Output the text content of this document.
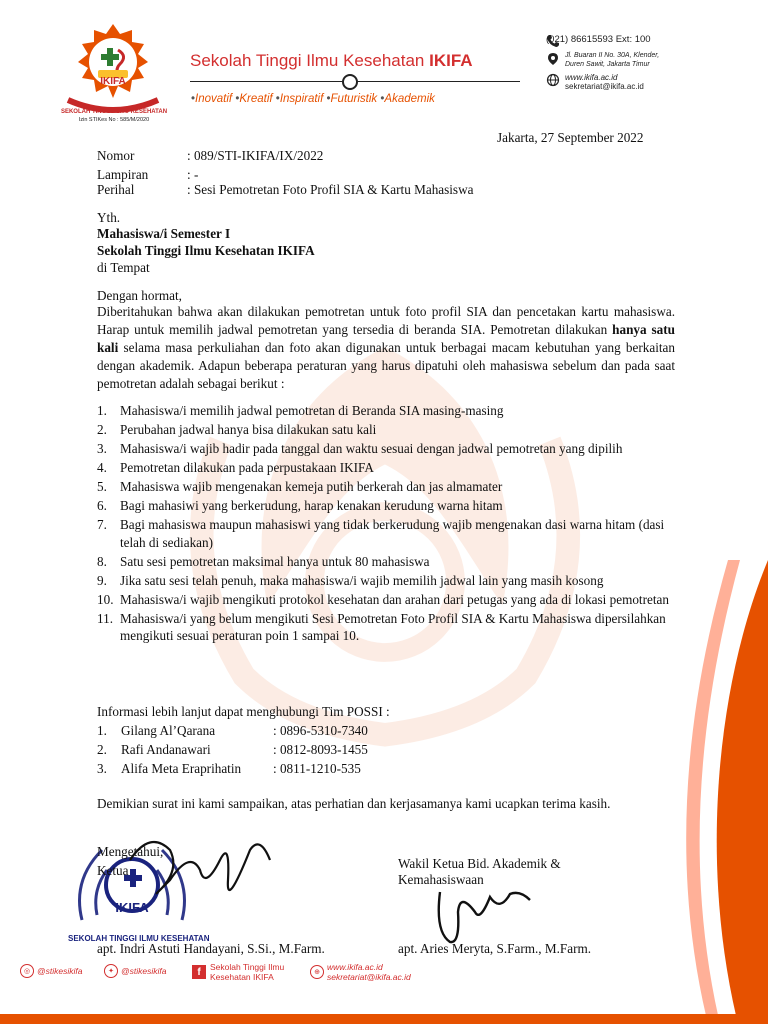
IKIFA
SEKOLAH TINGGI ILMU KESEHATAN
Izin STIKes No : 585/M/2020
Sekolah Tinggi Ilmu Kesehatan IKIFA
•Inovatif •Kreatif •Inspiratif •Futuristik •Akademik
(021) 86615593 Ext: 100
Jl. Buaran II No. 30A, Klender,
Duren Sawit, Jakarta Timur
www.ikifa.ac.id
sekretariat@ikifa.ac.id
Jakarta, 27 September 2022
Nomor	: 089/STI-IKIFA/IX/2022
Lampiran	: -
Perihal	: Sesi Pemotretan Foto Profil SIA & Kartu Mahasiswa
Yth.
Mahasiswa/i Semester I
Sekolah Tinggi Ilmu Kesehatan IKIFA
di Tempat
Dengan hormat,
Diberitahukan bahwa akan dilakukan pemotretan untuk foto profil SIA dan pencetakan kartu mahasiswa. Harap untuk memilih jadwal pemotretan yang tersedia di beranda SIA. Pemotretan dilakukan hanya satu kali selama masa perkuliahan dan foto akan digunakan untuk berbagai macam kebutuhan yang berkaitan dengan akademik. Adapun beberapa peraturan yang harus dipatuhi oleh mahasiswa sebelum dan pada saat pemotretan adalah sebagai berikut :
1. Mahasiswa/i memilih jadwal pemotretan di Beranda SIA masing-masing
2. Perubahan jadwal hanya bisa dilakukan satu kali
3. Mahasiswa/i wajib hadir pada tanggal dan waktu sesuai dengan jadwal pemotretan yang dipilih
4. Pemotretan dilakukan pada perpustakaan IKIFA
5. Mahasiswa wajib mengenakan kemeja putih berkerah dan jas almamater
6. Bagi mahasiwi yang berkerudung, harap kenakan kerudung warna hitam
7. Bagi mahasiswa maupun mahasiswi yang tidak berkerudung wajib mengenakan dasi warna hitam (dasi telah di sediakan)
8. Satu sesi pemotretan maksimal hanya untuk 80 mahasiswa
9. Jika satu sesi telah penuh, maka mahasiswa/i wajib memilih jadwal lain yang masih kosong
10. Mahasiswa/i wajib mengikuti protokol kesehatan dan arahan dari petugas yang ada di lokasi pemotretan
11. Mahasiswa/i yang belum mengikuti Sesi Pemotretan Foto Profil SIA & Kartu Mahasiswa dipersilahkan mengikuti sesuai peraturan poin 1 sampai 10.
Informasi lebih lanjut dapat menghubungi Tim POSSI :
1.	Gilang Al’Qarana	: 0896-5310-7340
2.	Rafi Andanawari	: 0812-8093-1455
3.	Alifa Meta Eraprihatin	: 0811-1210-535
Demikian surat ini kami sampaikan, atas perhatian dan kerjasamanya kami ucapkan terima kasih.
IKIFA
SEKOLAH TINGGI ILMU KESEHATAN
Mengetahui,
Ketua	Wakil Ketua Bid. Akademik &
Kemahasiswaan
apt. Indri Astuti Handayani, S.Si., M.Farm.	apt. Aries Meryta, S.Farm., M.Farm.
◎ @stikesikifa	✦ @stikesikifa	f	Sekolah Tinggi Ilmu
Kesehatan IKIFA	⊕
www.ikifa.ac.id
sekretariat@ikifa.ac.id
